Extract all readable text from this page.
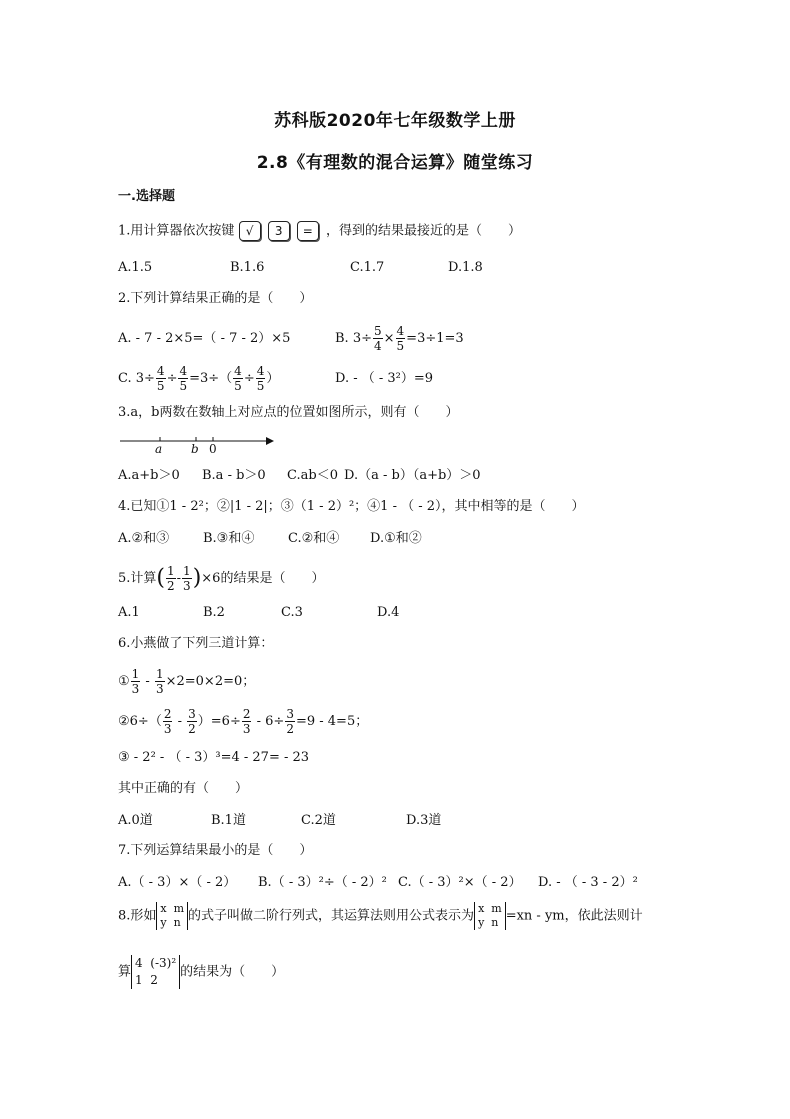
苏科版2020年七年级数学上册
2.8《有理数的混合运算》随堂练习
一.选择题
1.用计算器依次按键 √ 3 = ，得到的结果最接近的是（　　）
A.1.5	B.1.6	C.1.7	D.1.8
2.下列计算结果正确的是（　　）
A. - 7 - 2×5=（ - 7 - 2）×5	B. $3\div \frac{5}{4} \times \frac{4}{5} =3\div 1=3$
C. $3\div \frac{4}{5} \div \frac{4}{5} =3\div( \frac{4}{5} \div \frac{4}{5}$ ）	D. - （ - 3²）=9
3.a，b两数在数轴上对应点的位置如图所示，则有（　　）
a b 0
A.a+b＞0 B.a - b＞0 C.ab＜0 D.（a - b）（a+b）＞0
4.已知①1 - 2²；②|1 - 2|；③（1 - 2）²；④1 - （ - 2），其中相等的是（　　）
A.②和③	B.③和④	C.②和④ D.①和②
5.计算( $\frac{1}{2} - \frac{1}{3} )\times 6$的结果是（　　）
A.1	B.2	C.3	D.4
6.小燕做了下列三道计算：
① $\frac{1}{3} - \frac{1}{3} \times 2=0\times 2=0$；
②6÷（ $\frac{2}{3} - \frac{3}{2} )=6\div \frac{2}{3} - 6\div \frac{3}{2} =9 - 4=5$；
③ - 2² - （ - 3）³=4 - 27= - 23
其中正确的有（　　）
A.0道	B.1道	C.2道	D.3道
7.下列运算结果最小的是（　　）
A.（ - 3）×（ - 2） B.（ - 3）²÷（ - 2）² C.（ - 3）²×（ - 2） D. - （ - 3 - 2）²
8.形如 x  m
y  n 的式子叫做二阶行列式，其运算法则用公式表示为 x  m
y  n =xn - ym，依此法则计
算
4  (-3)²
1  2
的结果为（　　）
